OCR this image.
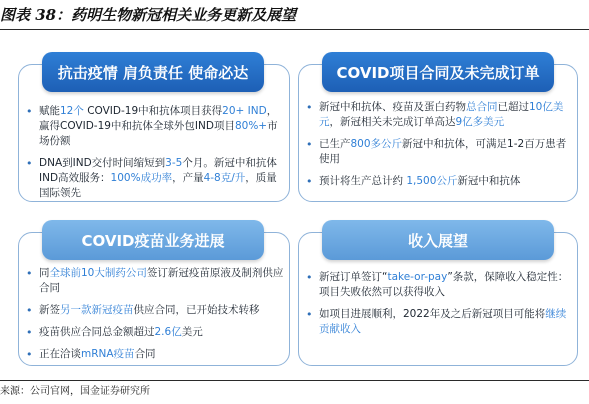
图表 38：药明生物新冠相关业务更新及展望
抗击疫情 肩负责任 使命必达
• 赋能12个 COVID-19中和抗体项目获得20+ IND，赢得COVID-19中和抗体全球外包IND项目80%+市场份额
• DNA到IND交付时间缩短到3-5个月。新冠中和抗体IND高效服务：100%成功率，产量4-8克/升，质量国际领先
COVID项目合同及未完成订单
• 新冠中和抗体、疫苗及蛋白药物总合同已超过10亿美元，新冠相关未完成订单高达9亿多美元
• 已生产800多公斤新冠中和抗体，可满足1-2百万患者使用
• 预计将生产总计约 1,500公斤新冠中和抗体
COVID疫苗业务进展
• 同全球前10大制药公司签订新冠疫苗原液及制剂供应合同
• 新签另一款新冠疫苗供应合同，已开始技术转移
• 疫苗供应合同总金额超过2.6亿美元
• 正在洽谈mRNA疫苗合同
收入展望
• 新冠订单签订“take-or-pay”条款，保障收入稳定性：项目失败依然可以获得收入
• 如项目进展顺利，2022年及之后新冠项目可能将继续贡献收入
来源：公司官网，国金证券研究所
